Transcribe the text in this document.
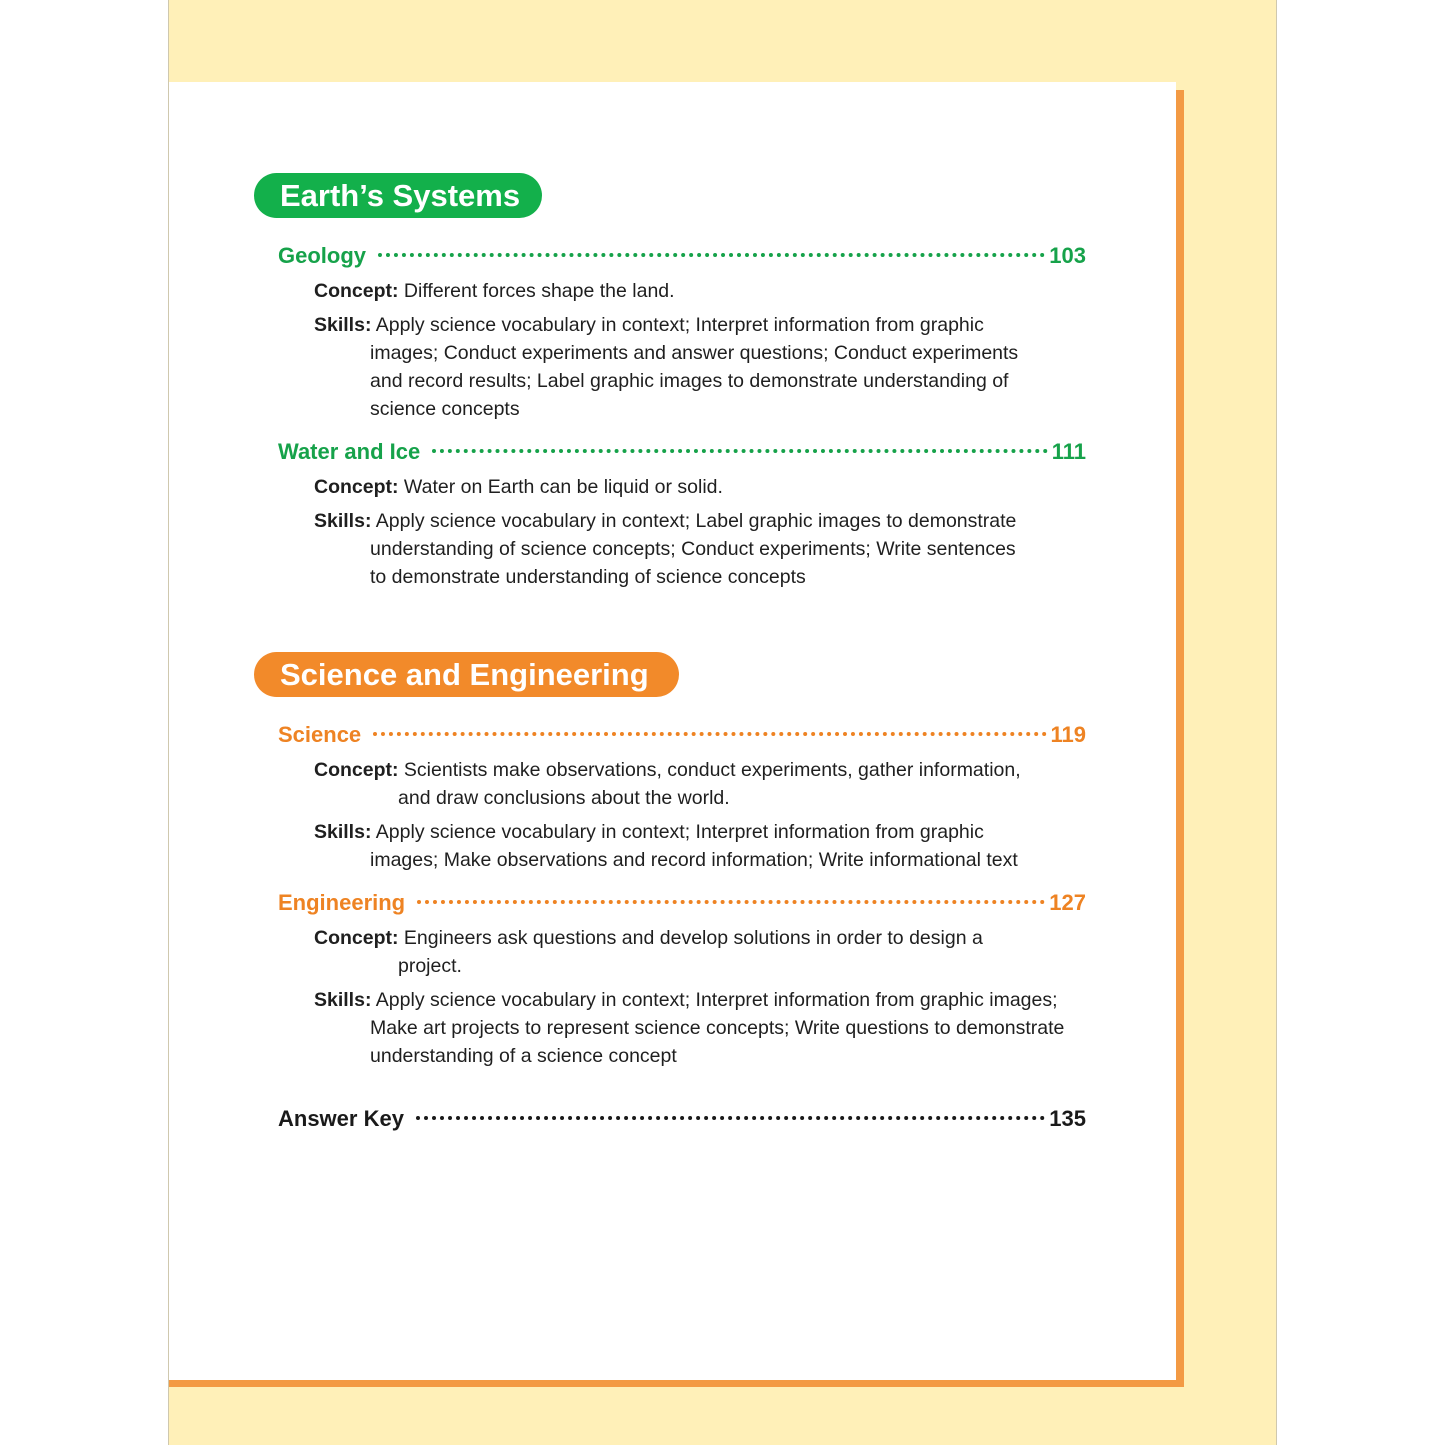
Earth’s Systems
Geology	103
Concept: Different forces shape the land.
Skills: Apply science vocabulary in context; Interpret information from graphic images; Conduct experiments and answer questions; Conduct experiments and record results; Label graphic images to demonstrate understanding of science concepts
Water and Ice	111
Concept: Water on Earth can be liquid or solid.
Skills: Apply science vocabulary in context; Label graphic images to demonstrate understanding of science concepts; Conduct experiments; Write sentences to demonstrate understanding of science concepts
Science and Engineering
Science	119
Concept: Scientists make observations, conduct experiments, gather information, and draw conclusions about the world.
Skills: Apply science vocabulary in context; Interpret information from graphic images; Make observations and record information; Write informational text
Engineering	127
Concept: Engineers ask questions and develop solutions in order to design a project.
Skills: Apply science vocabulary in context; Interpret information from graphic images; Make art projects to represent science concepts; Write questions to demonstrate understanding of a science concept
Answer Key	135
